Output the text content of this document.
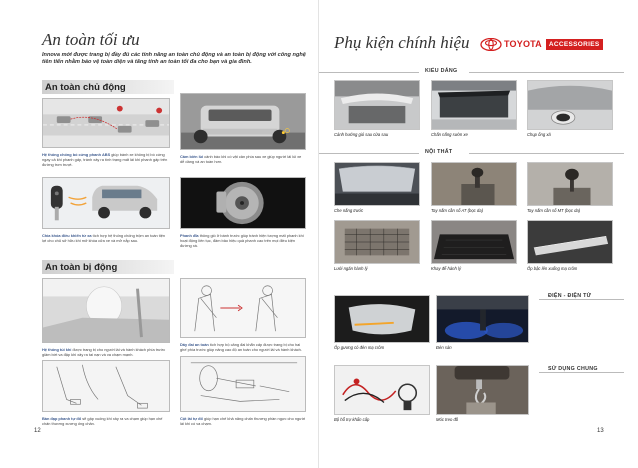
An toàn tối ưu
Innova mới được trang bị đầy đủ các tính năng an toàn chủ động và an toàn bị động với công nghệ tiên tiến nhằm bảo vệ toàn diện và tăng tính an toàn tối đa cho bạn và gia đình.
An toàn chủ động
Hệ thống chống bó cứng phanh ABS giúp bánh xe không bị bó cứng ngay cả khi phanh gấp, tránh xảy ra tình trạng mất lái khi phanh gấp trên đường trơn trượt.
Cảm biến lùi cảnh báo khi có vật cản phía sau xe giúp người lái lùi xe dễ dàng và an toàn hơn.
Chìa khóa điều khiển từ xa tích hợp hệ thống chống trộm an toàn tiện lợi cho chủ sở hữu khi mở khóa cửa xe và mở nắp sau.
Phanh đĩa thông gió ở bánh trước giúp tránh hiện tượng mất phanh khi hoạt động liên tục, đảm bảo hiệu quả phanh cao trên mọi điều kiện đường xá.
An toàn bị động
Hệ thống túi khí được trang bị cho người lái và hành khách phía trước giảm bớt va đập khi xảy ra tai nạn và va chạm mạnh.
Dây đai an toàn tích hợp bộ căng đai khẩn cấp được trang bị cho hai ghế phía trước giúp nâng cao độ an toàn cho người lái và hành khách.
Bàn đạp phanh tự đổ sẽ gập xuống khi xảy ra va chạm giúp hạn chế chấn thương xương ống chân.
Cột lái tự đổ giúp hạn chế khả năng chấn thương phần ngực cho người lái khi có va chạm.
12
Phụ kiện chính hiệu	TOYOTA	ACCESSORIES
KIỂU DÁNG
Cánh hướng gió sau cửa sau	Chắn nắng sườn xe	Chụp ống xả
NỘI THẤT
Che nắng trước	Tay nắm cần số AT (bọc da)	Tay nắm cần số MT (bọc da)
Lưới ngăn hành lý	Khay để hành lý	Ốp bậc lên xuống mạ crôm
ĐIỆN - ĐIỆN TỬ
Ốp gương có đèn mạ crôm	Đèn sàn
SỬ DỤNG CHUNG
Bộ hỗ trợ khẩn cấp	Móc treo đồ
13
